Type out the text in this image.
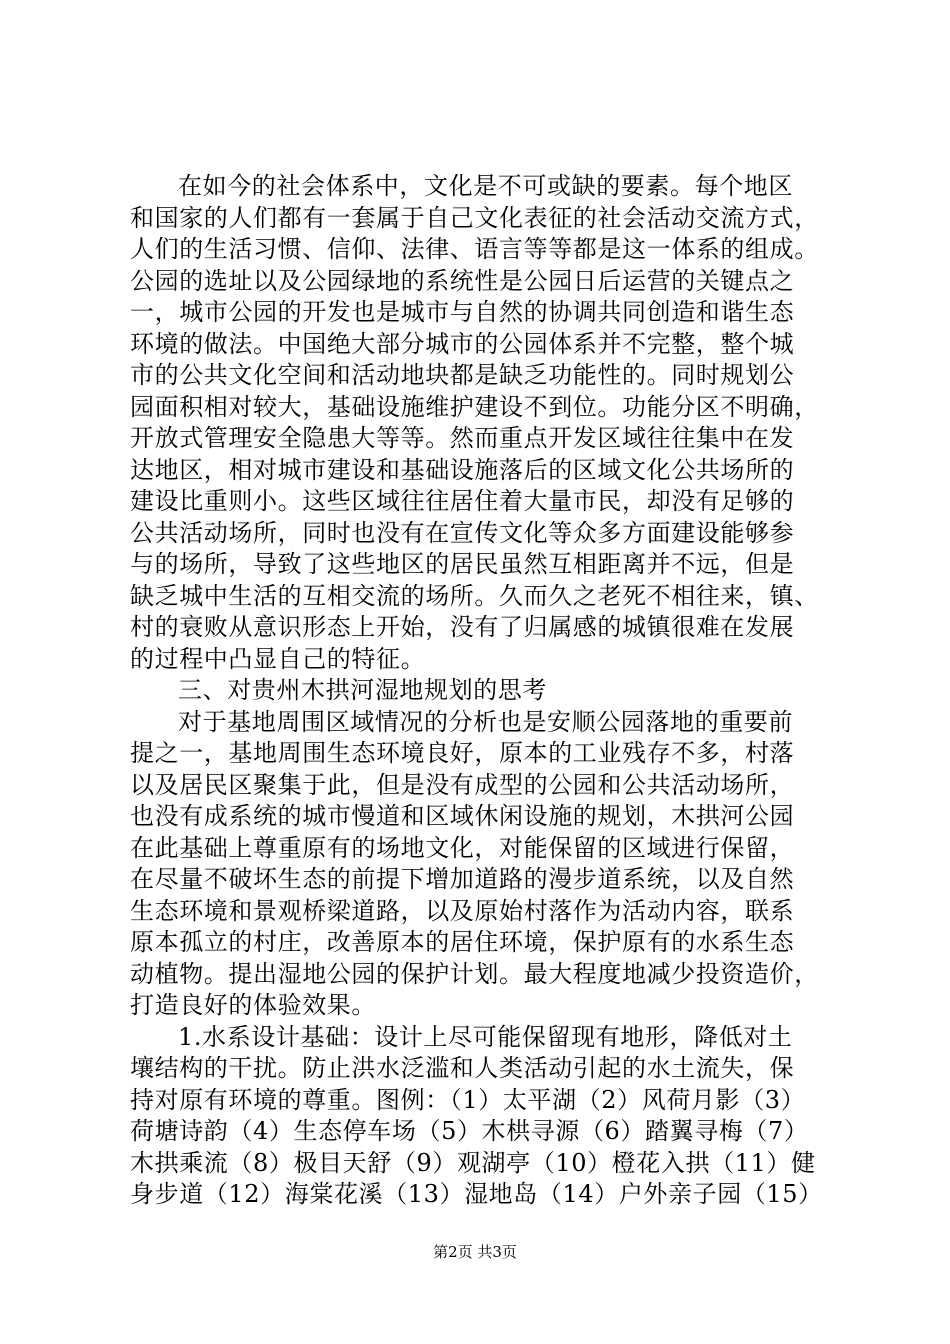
在如今的社会体系中，文化是不可或缺的要素。每个地区
和国家的人们都有一套属于自己文化表征的社会活动交流方式，
人们的生活习惯、信仰、法律、语言等等都是这一体系的组成。
公园的选址以及公园绿地的系统性是公园日后运营的关键点之
一，城市公园的开发也是城市与自然的协调共同创造和谐生态
环境的做法。中国绝大部分城市的公园体系并不完整，整个城
市的公共文化空间和活动地块都是缺乏功能性的。同时规划公
园面积相对较大，基础设施维护建设不到位。功能分区不明确，
开放式管理安全隐患大等等。然而重点开发区域往往集中在发
达地区，相对城市建设和基础设施落后的区域文化公共场所的
建设比重则小。这些区域往往居住着大量市民，却没有足够的
公共活动场所，同时也没有在宣传文化等众多方面建设能够参
与的场所，导致了这些地区的居民虽然互相距离并不远，但是
缺乏城中生活的互相交流的场所。久而久之老死不相往来，镇、
村的衰败从意识形态上开始，没有了归属感的城镇很难在发展
的过程中凸显自己的特征。
三、对贵州木拱河湿地规划的思考
对于基地周围区域情况的分析也是安顺公园落地的重要前
提之一，基地周围生态环境良好，原本的工业残存不多，村落
以及居民区聚集于此，但是没有成型的公园和公共活动场所，
也没有成系统的城市慢道和区域休闲设施的规划，木拱河公园
在此基础上尊重原有的场地文化，对能保留的区域进行保留，
在尽量不破坏生态的前提下增加道路的漫步道系统，以及自然
生态环境和景观桥梁道路，以及原始村落作为活动内容，联系
原本孤立的村庄，改善原本的居住环境，保护原有的水系生态
动植物。提出湿地公园的保护计划。最大程度地减少投资造价，
打造良好的体验效果。
1.水系设计基础：设计上尽可能保留现有地形，降低对土
壤结构的干扰。防止洪水泛滥和人类活动引起的水土流失，保
持对原有环境的尊重。图例：（1）太平湖（2）风荷月影（3）
荷塘诗韵（4）生态停车场（5）木栱寻源（6）踏翼寻梅（7）
木拱乘流（8）极目天舒（9）观湖亭（10）橙花入拱（11）健
身步道（12）海棠花溪（13）湿地岛（14）户外亲子园（15）
第2页 共3页
